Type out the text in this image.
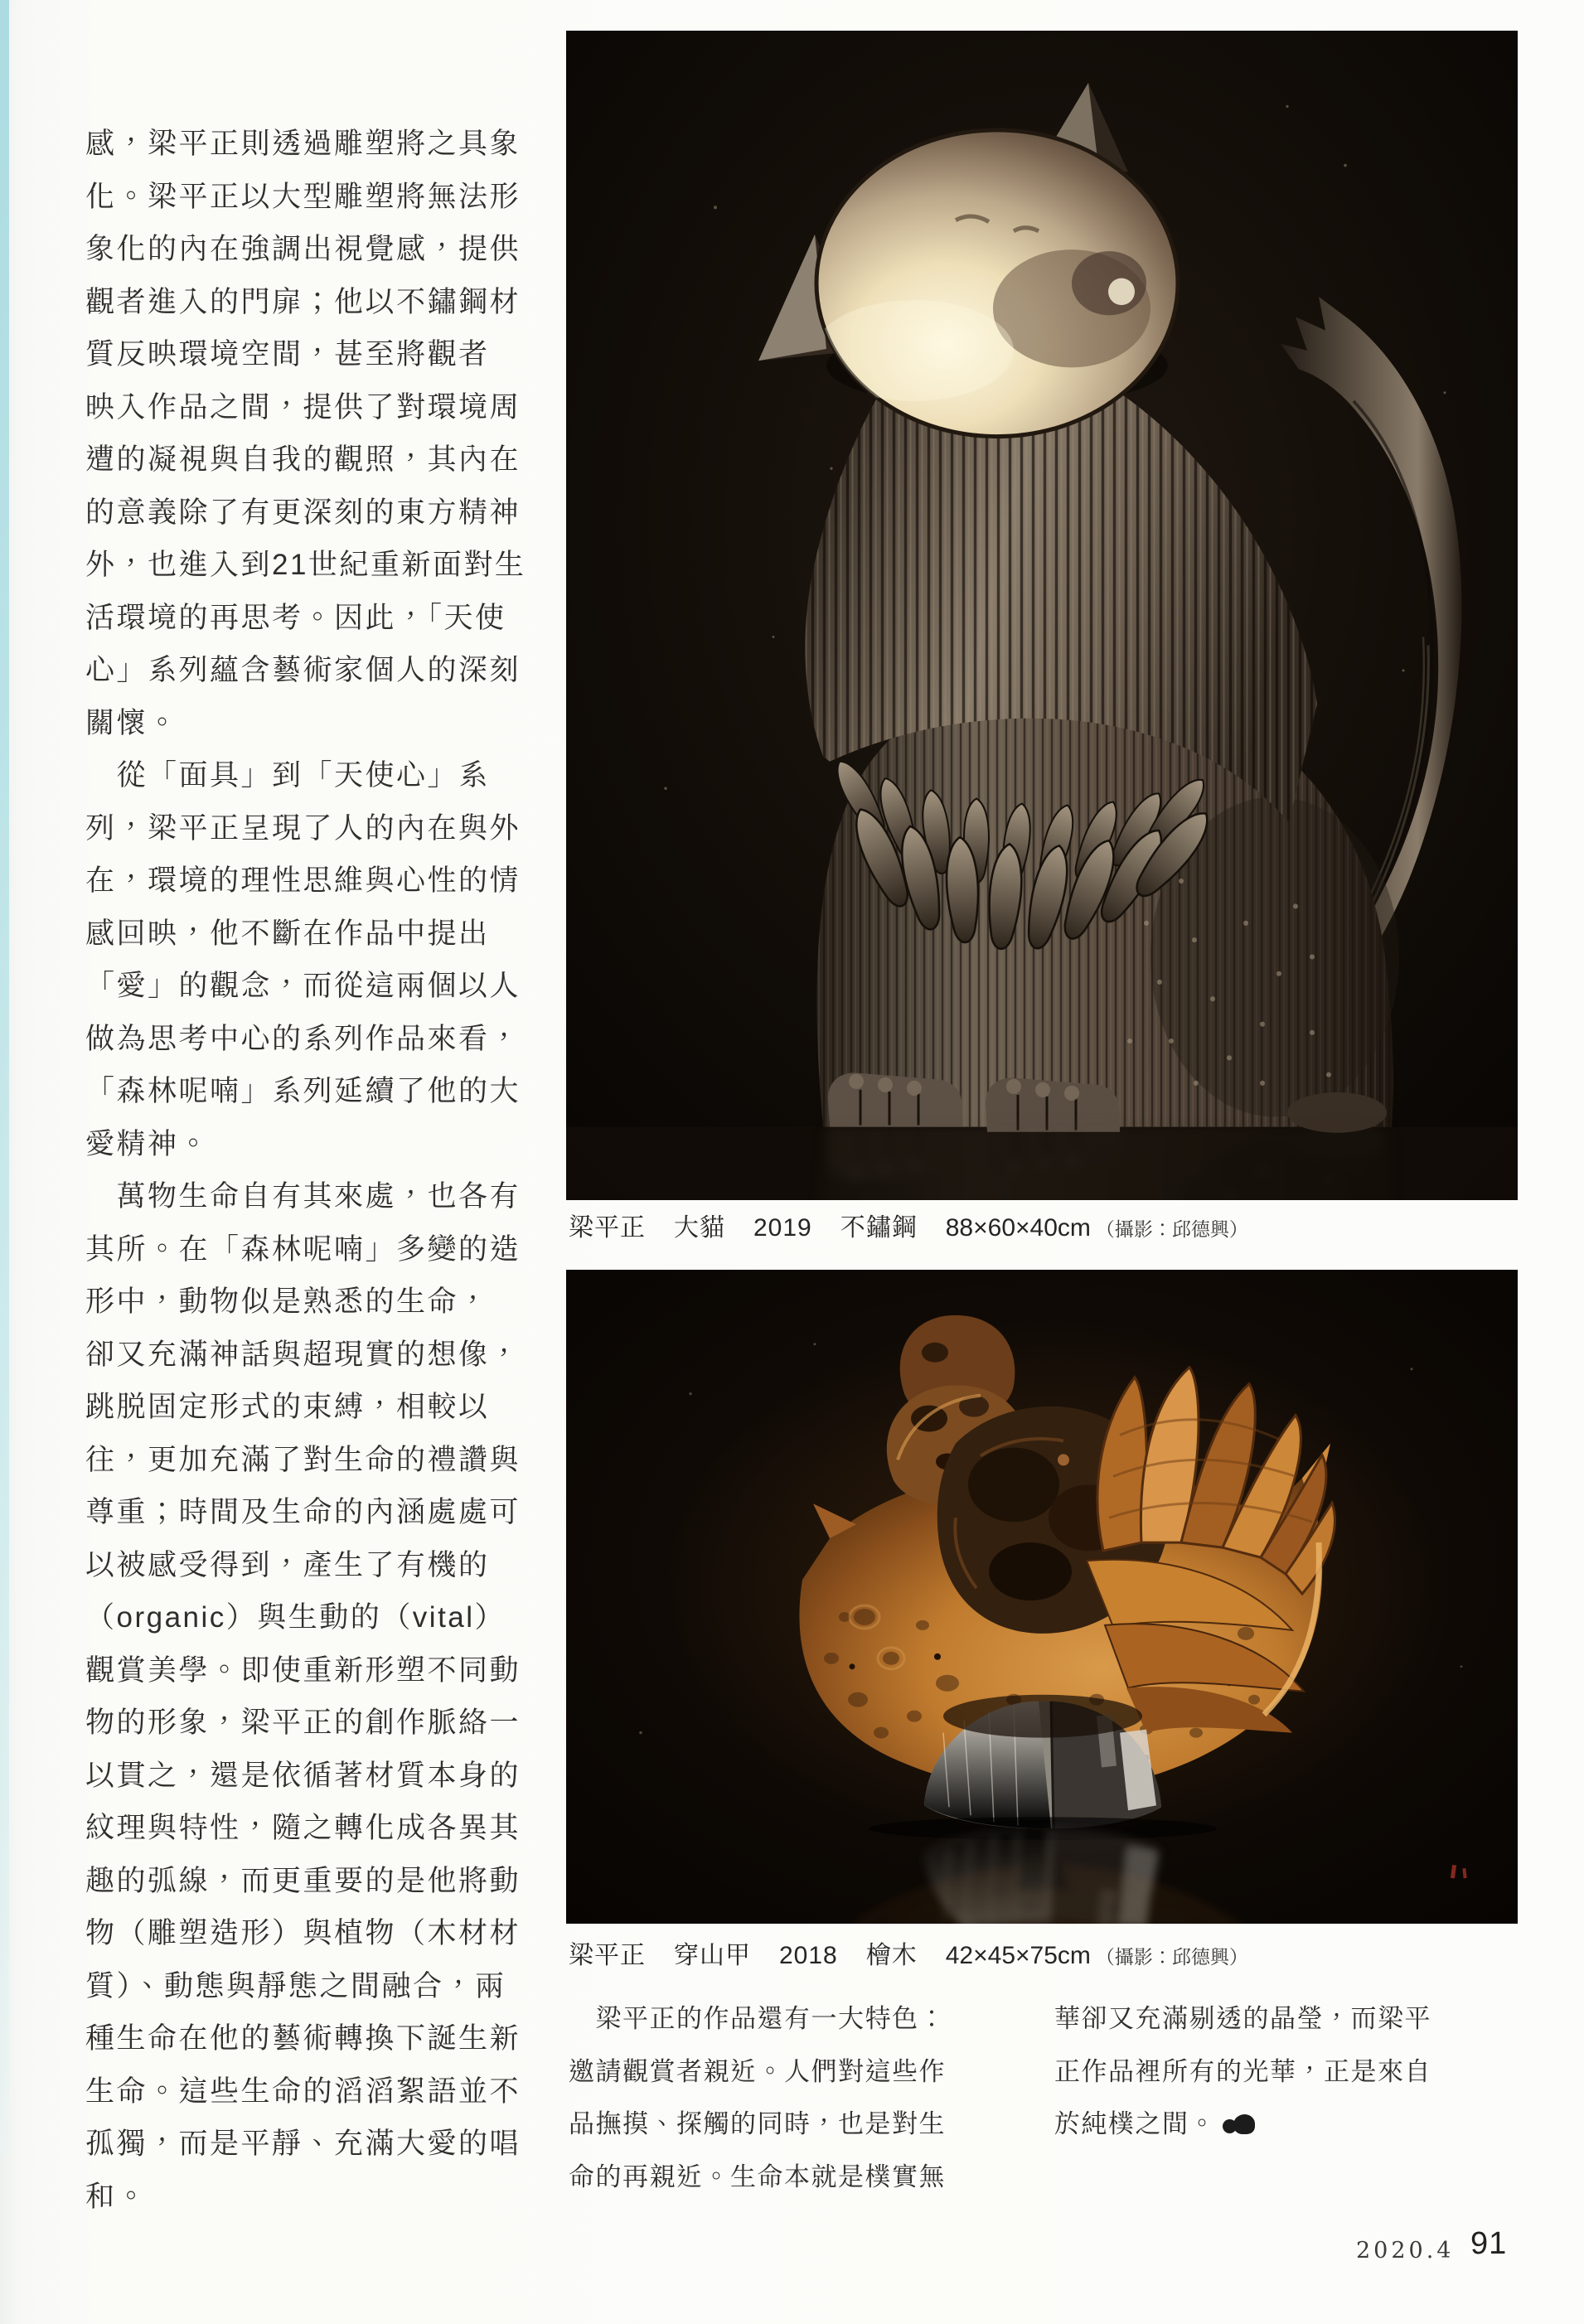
感，梁平正則透過雕塑將之具象
化。梁平正以大型雕塑將無法形
象化的內在強調出視覺感，提供
觀者進入的門扉；他以不鏽鋼材
質反映環境空間，甚至將觀者
映入作品之間，提供了對環境周
遭的凝視與自我的觀照，其內在
的意義除了有更深刻的東方精神
外，也進入到21世紀重新面對生
活環境的再思考。因此，「天使
心」系列蘊含藝術家個人的深刻
關懷。
　從「面具」到「天使心」系
列，梁平正呈現了人的內在與外
在，環境的理性思維與心性的情
感回映，他不斷在作品中提出
「愛」的觀念，而從這兩個以人
做為思考中心的系列作品來看，
「森林呢喃」系列延續了他的大
愛精神。
　萬物生命自有其來處，也各有
其所。在「森林呢喃」多變的造
形中，動物似是熟悉的生命，
卻又充滿神話與超現實的想像，
跳脱固定形式的束縛，相較以
往，更加充滿了對生命的禮讚與
尊重；時間及生命的內涵處處可
以被感受得到，產生了有機的
（organic）與生動的（vital）
觀賞美學。即使重新形塑不同動
物的形象，梁平正的創作脈絡一
以貫之，還是依循著材質本身的
紋理與特性，隨之轉化成各異其
趣的弧線，而更重要的是他將動
物（雕塑造形）與植物（木材材
質）、動態與靜態之間融合，兩
種生命在他的藝術轉換下誕生新
生命。這些生命的滔滔絮語並不
孤獨，而是平靜、充滿大愛的唱
和。
梁平正 大貓 2019 不鏽鋼 88×60×40cm （攝影：邱德興）
梁平正 穿山甲 2018 檜木 42×45×75cm （攝影：邱德興）
　梁平正的作品還有一大特色：
邀請觀賞者親近。人們對這些作
品撫摸、探觸的同時，也是對生
命的再親近。生命本就是樸實無
華卻又充滿剔透的晶瑩，而梁平
正作品裡所有的光華，正是來自
於純樸之間。
2020.4 91
